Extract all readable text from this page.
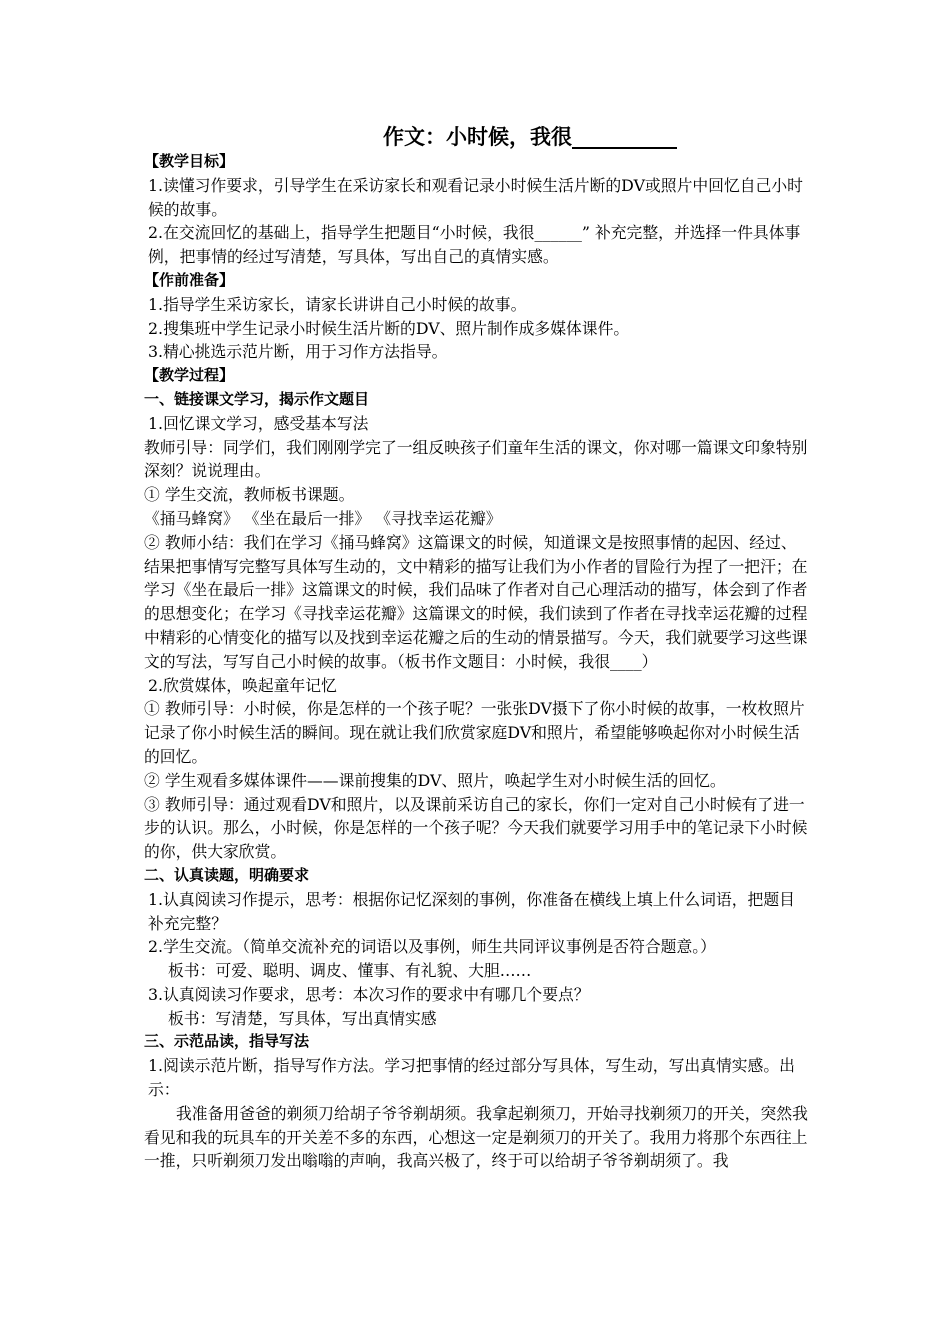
作文：小时候，我很__________

【教学目标】

1.读懂习作要求，引导学生在采访家长和观看记录小时候生活片断的DV或照片中回忆自己小时候的故事。

2.在交流回忆的基础上，指导学生把题目“小时候，我很______” 补充完整，并选择一件具体事例，把事情的经过写清楚，写具体，写出自己的真情实感。

【作前准备】

1.指导学生采访家长，请家长讲讲自己小时候的故事。

2.搜集班中学生记录小时候生活片断的DV、照片制作成多媒体课件。

3.精心挑选示范片断，用于习作方法指导。

【教学过程】

一、链接课文学习，揭示作文题目

1.回忆课文学习，感受基本写法

教师引导：同学们，我们刚刚学完了一组反映孩子们童年生活的课文，你对哪一篇课文印象特别深刻？说说理由。

① 学生交流，教师板书课题。

《捅马蜂窝》 《坐在最后一排》 《寻找幸运花瓣》

② 教师小结：我们在学习《捅马蜂窝》这篇课文的时候，知道课文是按照事情的起因、经过、结果把事情写完整写具体写生动的，文中精彩的描写让我们为小作者的冒险行为捏了一把汗；在学习《坐在最后一排》这篇课文的时候，我们品味了作者对自己心理活动的描写，体会到了作者的思想变化；在学习《寻找幸运花瓣》这篇课文的时候，我们读到了作者在寻找幸运花瓣的过程中精彩的心情变化的描写以及找到幸运花瓣之后的生动的情景描写。今天，我们就要学习这些课文的写法，写写自己小时候的故事。（板书作文题目：小时候，我很____）

2.欣赏媒体，唤起童年记忆

① 教师引导：小时候，你是怎样的一个孩子呢？一张张DV摄下了你小时候的故事，一枚枚照片记录了你小时候生活的瞬间。现在就让我们欣赏家庭DV和照片，希望能够唤起你对小时候生活的回忆。

② 学生观看多媒体课件——课前搜集的DV、照片，唤起学生对小时候生活的回忆。

③ 教师引导：通过观看DV和照片，以及课前采访自己的家长，你们一定对自己小时候有了进一步的认识。那么，小时候，你是怎样的一个孩子呢？今天我们就要学习用手中的笔记录下小时候的你，供大家欣赏。

二、认真读题，明确要求

1.认真阅读习作提示，思考：根据你记忆深刻的事例，你准备在横线上填上什么词语，把题目补充完整？

2.学生交流。（简单交流补充的词语以及事例，师生共同评议事例是否符合题意。）

板书：可爱、聪明、调皮、懂事、有礼貌、大胆……

3.认真阅读习作要求，思考：本次习作的要求中有哪几个要点？

板书：写清楚，写具体，写出真情实感

三、示范品读，指导写法

1.阅读示范片断，指导写作方法。学习把事情的经过部分写具体，写生动，写出真情实感。出示：

我准备用爸爸的剃须刀给胡子爷爷剃胡须。我拿起剃须刀，开始寻找剃须刀的开关，突然我看见和我的玩具车的开关差不多的东西，心想这一定是剃须刀的开关了。我用力将那个东西往上一推，只听剃须刀发出嗡嗡的声响，我高兴极了，终于可以给胡子爷爷剃胡须了。我
